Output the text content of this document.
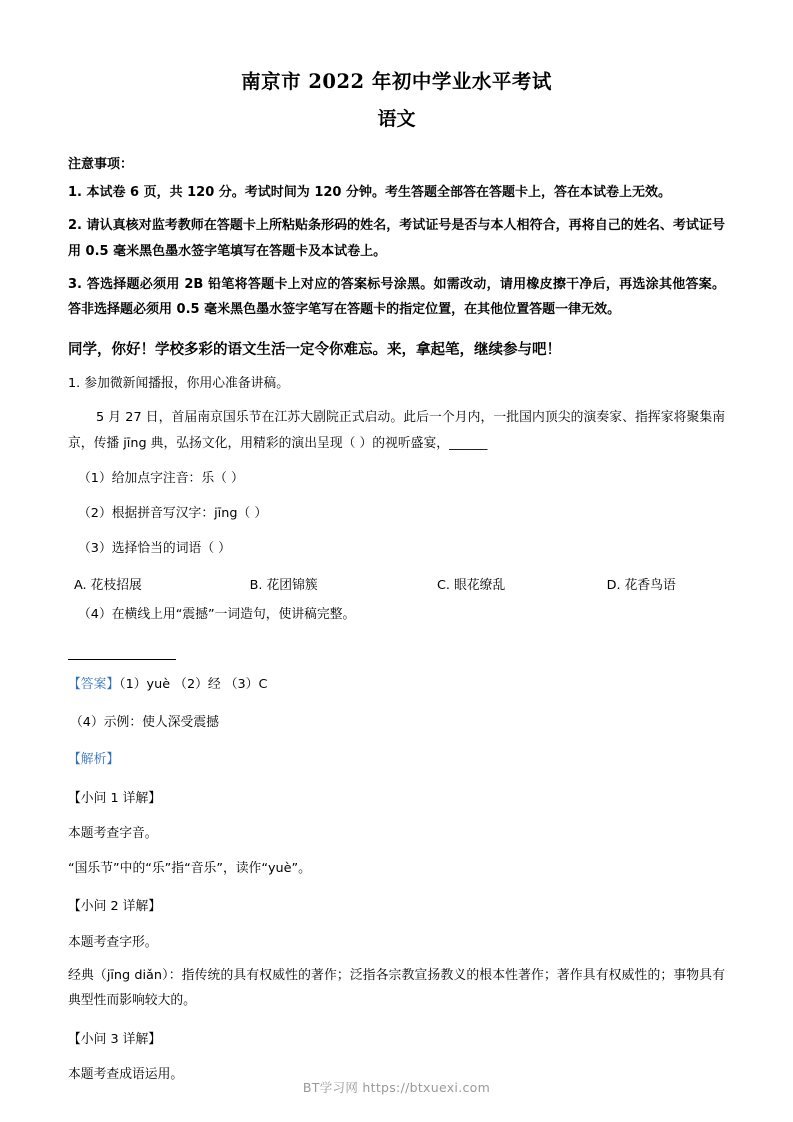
南京市 2022 年初中学业水平考试
语文
注意事项：
1. 本试卷 6 页，共 120 分。考试时间为 120 分钟。考生答题全部答在答题卡上，答在本试卷上无效。
2. 请认真核对监考教师在答题卡上所粘贴条形码的姓名，考试证号是否与本人相符合，再将自己的姓名、考试证号用 0.5 毫米黑色墨水签字笔填写在答题卡及本试卷上。
3. 答选择题必须用 2B 铅笔将答题卡上对应的答案标号涂黑。如需改动，请用橡皮擦干净后，再选涂其他答案。答非选择题必须用 0.5 毫米黑色墨水签字笔写在答题卡的指定位置，在其他位置答题一律无效。
同学，你好！学校多彩的语文生活一定令你难忘。来，拿起笔，继续参与吧！
1. 参加微新闻播报，你用心准备讲稿。
5 月 27 日，首届南京国乐节在江苏大剧院正式启动。此后一个月内，一批国内顶尖的演奏家、指挥家将聚集南京，传播 jīng 典，弘扬文化，用精彩的演出呈现（ ）的视听盛宴，______
（1）给加点字注音：乐（ ）
（2）根据拼音写汉字：jīng（ ）
（3）选择恰当的词语（ ）
A. 花枝招展	B. 花团锦簇	C. 眼花缭乱	D. 花香鸟语
（4）在横线上用“震撼”一词造句，使讲稿完整。
【答案】（1）yuè （2）经 （3）C
（4）示例：使人深受震撼
【解析】
【小问 1 详解】
本题考查字音。
“国乐节”中的“乐”指“音乐”，读作“yuè”。
【小问 2 详解】
本题考查字形。
经典（jīng diǎn）：指传统的具有权威性的著作；泛指各宗教宣扬教义的根本性著作；著作具有权威性的；事物具有典型性而影响较大的。
【小问 3 详解】
本题考查成语运用。
BT学习网 https://btxuexi.com
